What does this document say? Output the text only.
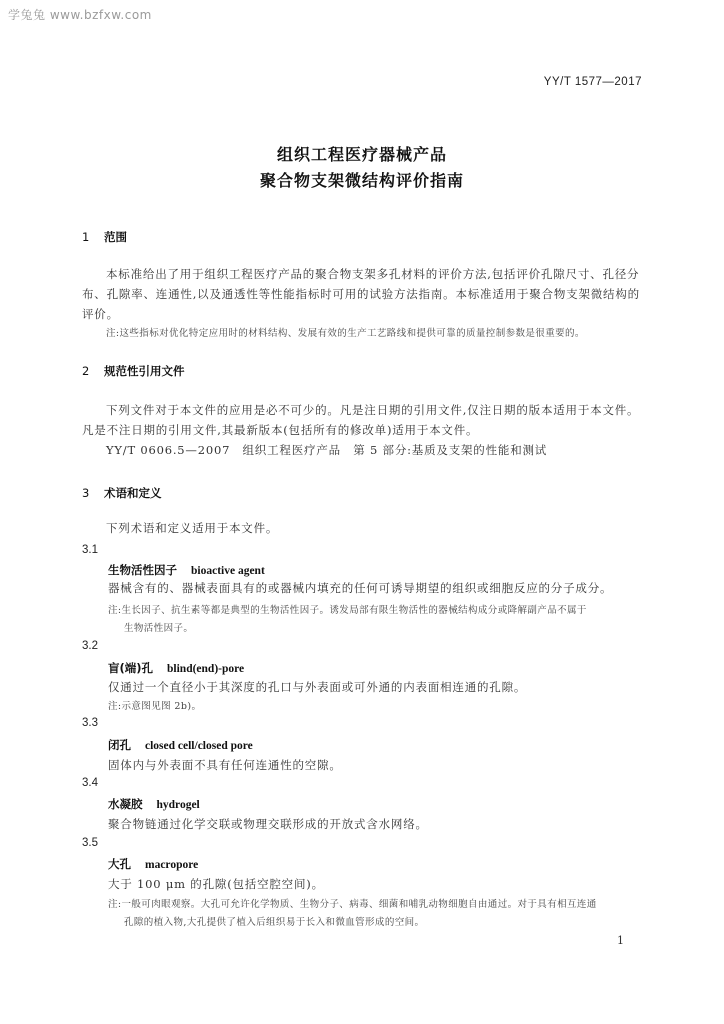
学兔兔 www.bzfxw.com
YY/T 1577—2017
组织工程医疗器械产品
聚合物支架微结构评价指南
1 范围
本标准给出了用于组织工程医疗产品的聚合物支架多孔材料的评价方法,包括评价孔隙尺寸、孔径分布、孔隙率、连通性,以及通透性等性能指标时可用的试验方法指南。本标准适用于聚合物支架微结构的评价。
注:这些指标对优化特定应用时的材料结构、发展有效的生产工艺路线和提供可靠的质量控制参数是很重要的。
2 规范性引用文件
下列文件对于本文件的应用是必不可少的。凡是注日期的引用文件,仅注日期的版本适用于本文件。凡是不注日期的引用文件,其最新版本(包括所有的修改单)适用于本文件。
YY/T 0606.5—2007　组织工程医疗产品　第 5 部分:基质及支架的性能和测试
3 术语和定义
下列术语和定义适用于本文件。
3.1
生物活性因子 bioactive agent
器械含有的、器械表面具有的或器械内填充的任何可诱导期望的组织或细胞反应的分子成分。
注:生长因子、抗生素等都是典型的生物活性因子。诱发局部有限生物活性的器械结构成分或降解副产品不属于
生物活性因子。
3.2
盲(端)孔 blind(end)-pore
仅通过一个直径小于其深度的孔口与外表面或可外通的内表面相连通的孔隙。
注:示意图见图 2b)。
3.3
闭孔 closed cell/closed pore
固体内与外表面不具有任何连通性的空隙。
3.4
水凝胶 hydrogel
聚合物链通过化学交联或物理交联形成的开放式含水网络。
3.5
大孔 macropore
大于 100 μm 的孔隙(包括空腔空间)。
注:一般可肉眼观察。大孔可允许化学物质、生物分子、病毒、细菌和哺乳动物细胞自由通过。对于具有相互连通
孔隙的植入物,大孔提供了植入后组织易于长入和微血管形成的空间。
1
